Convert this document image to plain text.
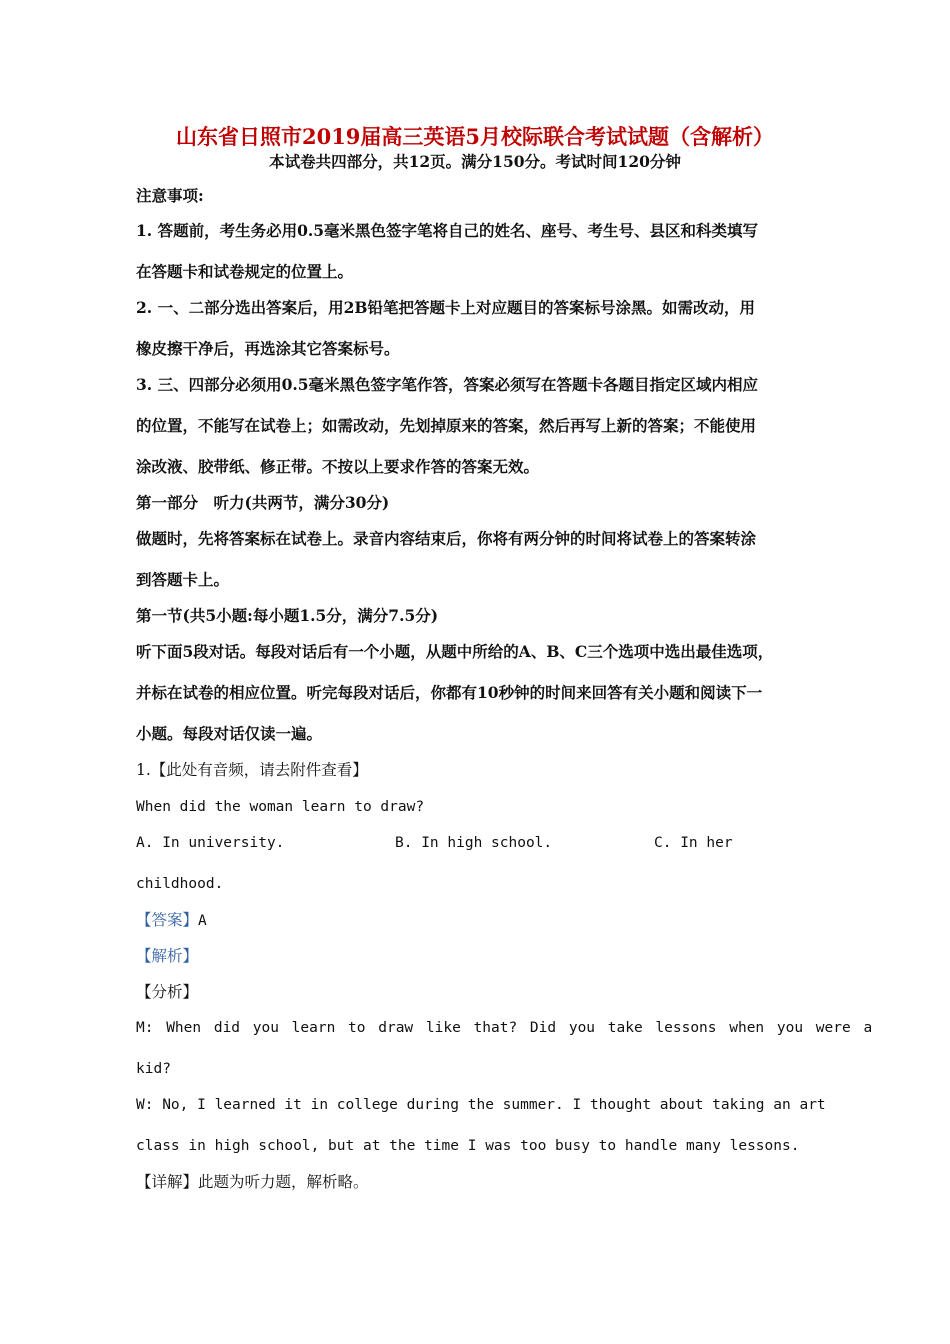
山东省日照市2019届高三英语5月校际联合考试试题（含解析）
本试卷共四部分，共12页。满分150分。考试时间120分钟
注意事项:
1. 答题前，考生务必用0.5毫米黑色签字笔将自己的姓名、座号、考生号、县区和科类填写
在答题卡和试卷规定的位置上。
2. 一、二部分选出答案后，用2B铅笔把答题卡上对应题目的答案标号涂黑。如需改动，用
橡皮擦干净后，再选涂其它答案标号。
3. 三、四部分必须用0.5毫米黑色签字笔作答，答案必须写在答题卡各题目指定区域内相应
的位置，不能写在试卷上；如需改动，先划掉原来的答案，然后再写上新的答案；不能使用
涂改液、胶带纸、修正带。不按以上要求作答的答案无效。
第一部分　听力(共两节，满分30分)
做题时，先将答案标在试卷上。录音内容结束后，你将有两分钟的时间将试卷上的答案转涂
到答题卡上。
第一节(共5小题:每小题1.5分，满分7.5分)
听下面5段对话。每段对话后有一个小题，从题中所给的A、B、C三个选项中选出最佳选项，
并标在试卷的相应位置。听完每段对话后，你都有10秒钟的时间来回答有关小题和阅读下一
小题。每段对话仅读一遍。
1.【此处有音频，请去附件查看】
When did the woman learn to draw?
A. In university.	B. In high school.	C. In her
childhood.
【答案】A
【解析】
【分析】
M: When did you learn to draw like that? Did you take lessons when you were a
kid?
W: No, I learned it in college during the summer. I thought about taking an art
class in high school, but at the time I was too busy to handle many lessons.
【详解】此题为听力题，解析略。
